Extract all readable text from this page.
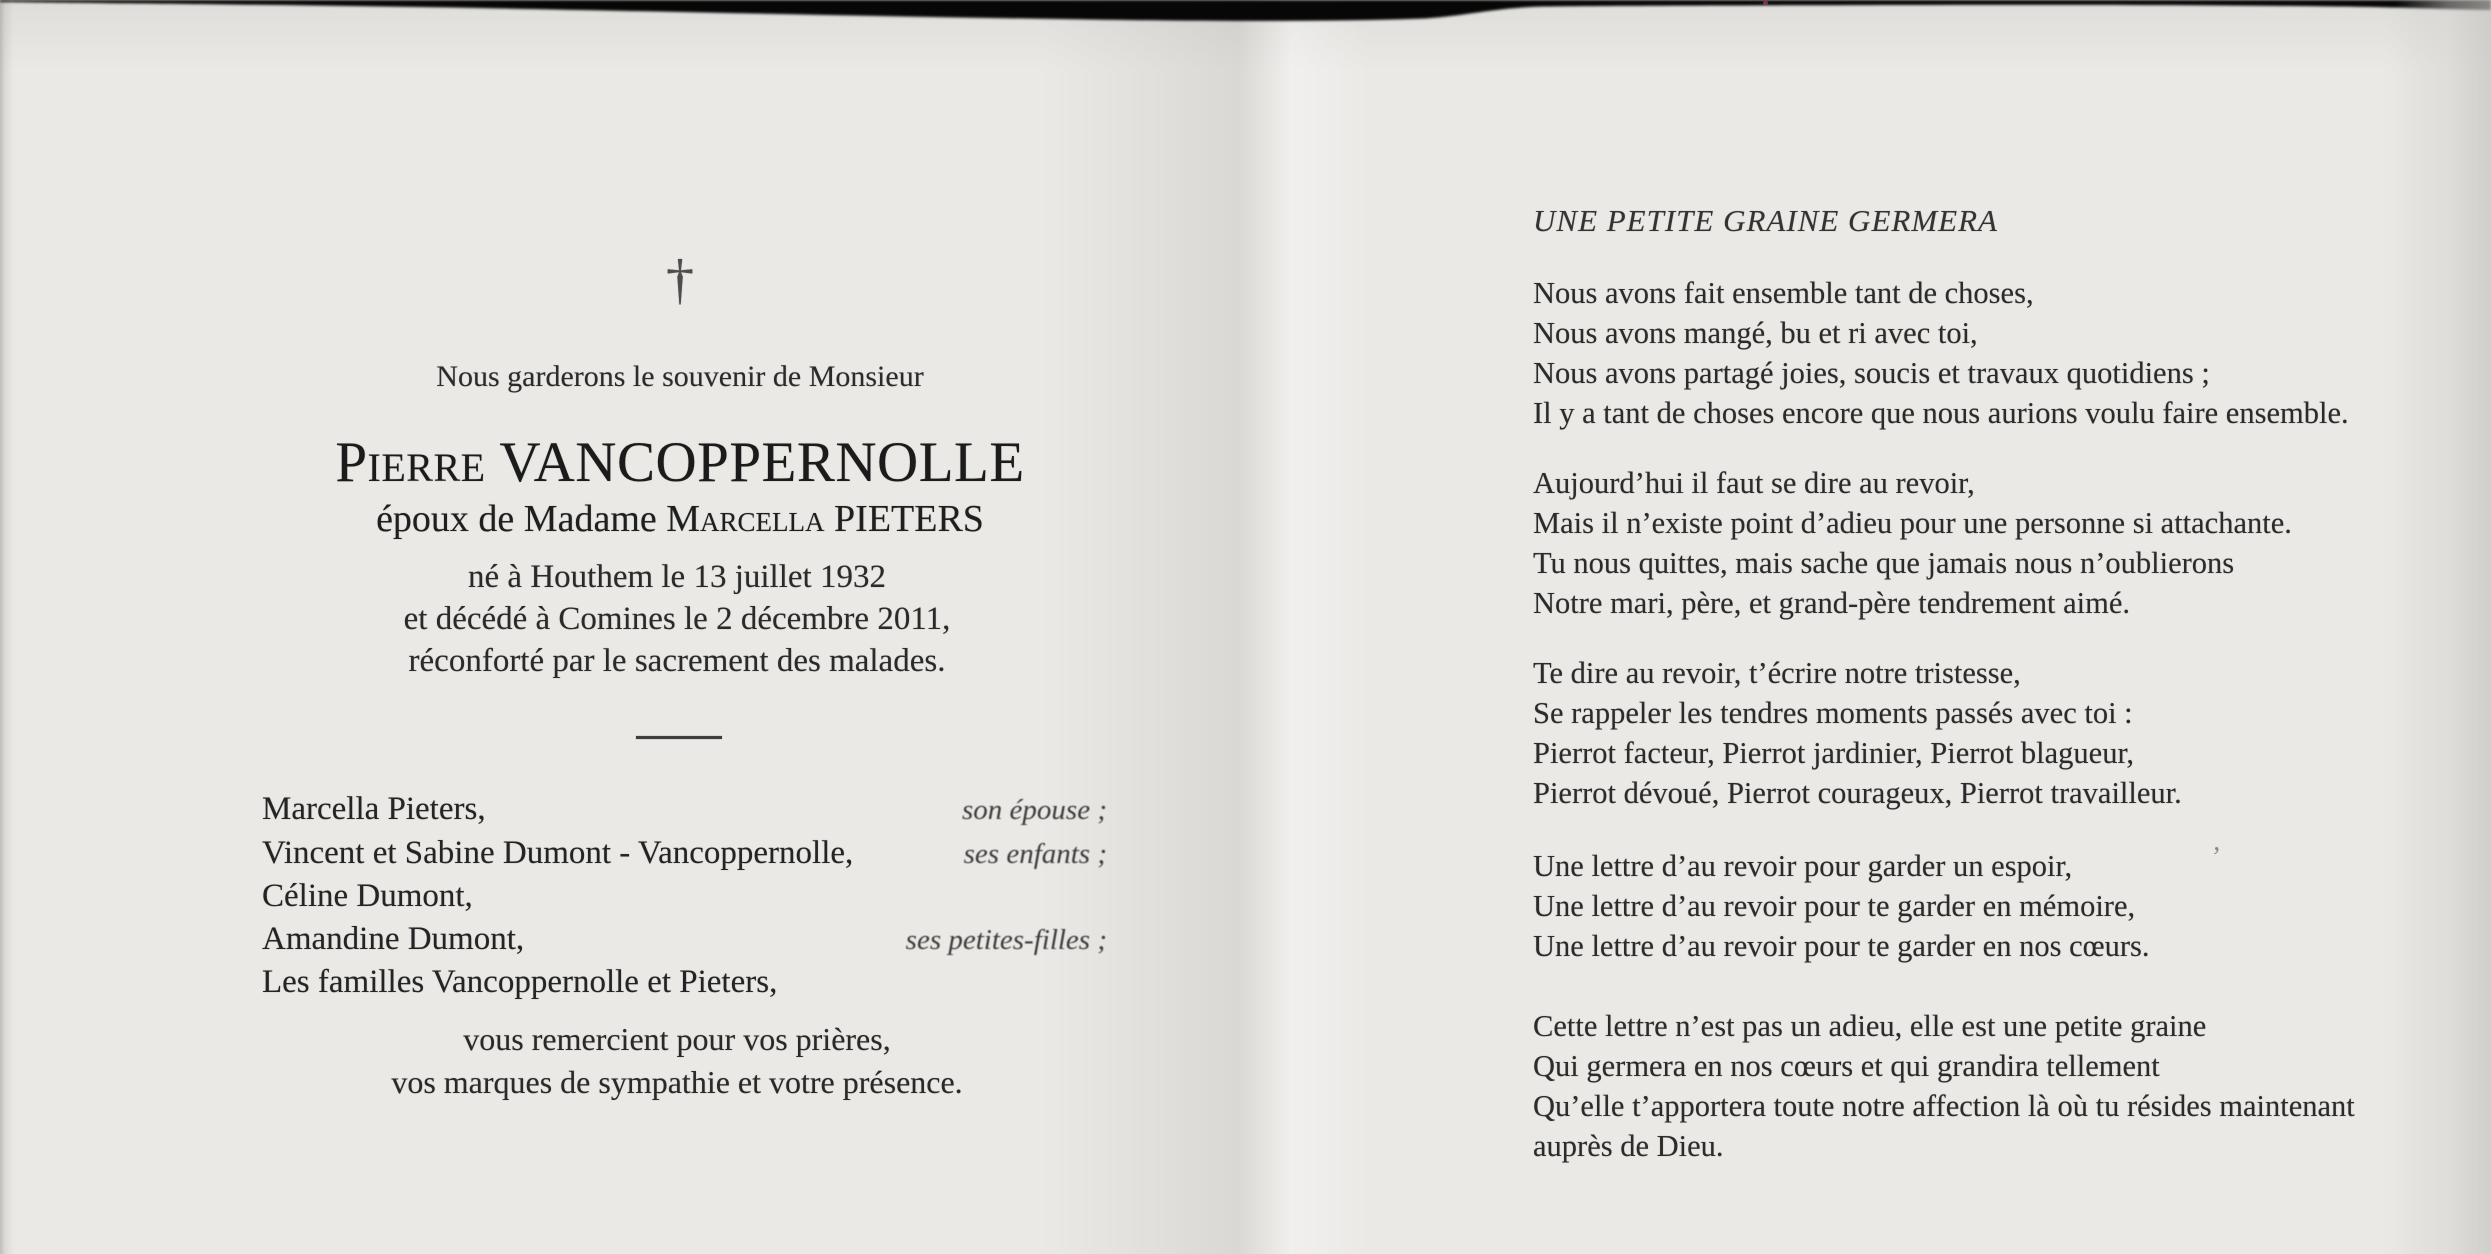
†
Nous garderons le souvenir de Monsieur
Pierre VANCOPPERNOLLE
époux de Madame Marcella PIETERS
né à Houthem le 13 juillet 1932
et décédé à Comines le 2 décembre 2011,
réconforté par le sacrement des malades.
Marcella Pieters,	son épouse ;
Vincent et Sabine Dumont - Vancoppernolle,	ses enfants ;
Céline Dumont,
Amandine Dumont,	ses petites-filles ;
Les familles Vancoppernolle et Pieters,
vous remercient pour vos prières,
vos marques de sympathie et votre présence.
UNE PETITE GRAINE GERMERA
Nous avons fait ensemble tant de choses,
Nous avons mangé, bu et ri avec toi,
Nous avons partagé joies, soucis et travaux quotidiens ;
Il y a tant de choses encore que nous aurions voulu faire ensemble.
Aujourd’hui il faut se dire au revoir,
Mais il n’existe point d’adieu pour une personne si attachante.
Tu nous quittes, mais sache que jamais nous n’oublierons
Notre mari, père, et grand-père tendrement aimé.
Te dire au revoir, t’écrire notre tristesse,
Se rappeler les tendres moments passés avec toi :
Pierrot facteur, Pierrot jardinier, Pierrot blagueur,
Pierrot dévoué, Pierrot courageux, Pierrot travailleur.
Une lettre d’au revoir pour garder un espoir,
Une lettre d’au revoir pour te garder en mémoire,
Une lettre d’au revoir pour te garder en nos cœurs.
Cette lettre n’est pas un adieu, elle est une petite graine
Qui germera en nos cœurs et qui grandira tellement
Qu’elle t’apportera toute notre affection là où tu résides maintenant
auprès de Dieu.
’
